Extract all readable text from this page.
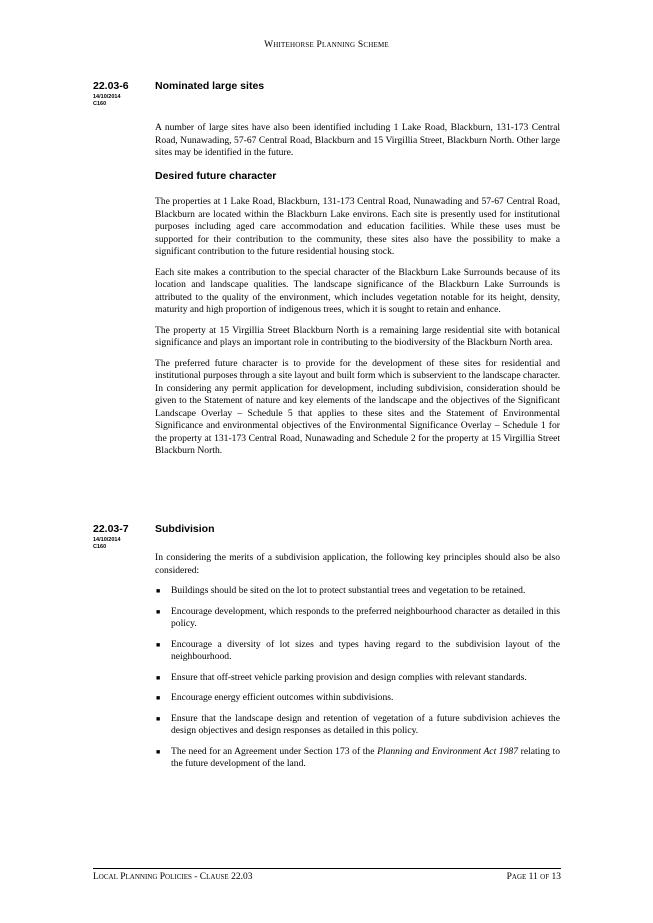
Whitehorse Planning Scheme
22.03-6
14/10/2014
C160
Nominated large sites

A number of large sites have also been identified including 1 Lake Road, Blackburn, 131-173 Central Road, Nunawading, 57-67 Central Road, Blackburn and 15 Virgillia Street, Blackburn North. Other large sites may be identified in the future.

Desired future character

The properties at 1 Lake Road, Blackburn, 131-173 Central Road, Nunawading and 57-67 Central Road, Blackburn are located within the Blackburn Lake environs. Each site is presently used for institutional purposes including aged care accommodation and education facilities. While these uses must be supported for their contribution to the community, these sites also have the possibility to make a significant contribution to the future residential housing stock.

Each site makes a contribution to the special character of the Blackburn Lake Surrounds because of its location and landscape qualities. The landscape significance of the Blackburn Lake Surrounds is attributed to the quality of the environment, which includes vegetation notable for its height, density, maturity and high proportion of indigenous trees, which it is sought to retain and enhance.

The property at 15 Virgillia Street Blackburn North is a remaining large residential site with botanical significance and plays an important role in contributing to the biodiversity of the Blackburn North area.

The preferred future character is to provide for the development of these sites for residential and institutional purposes through a site layout and built form which is subservient to the landscape character. In considering any permit application for development, including subdivision, consideration should be given to the Statement of nature and key elements of the landscape and the objectives of the Significant Landscape Overlay – Schedule 5 that applies to these sites and the Statement of Environmental Significance and environmental objectives of the Environmental Significance Overlay – Schedule 1 for the property at 131-173 Central Road, Nunawading and Schedule 2 for the property at 15 Virgillia Street Blackburn North.

22.03-7
14/10/2014
C160
Subdivision

In considering the merits of a subdivision application, the following key principles should also be also considered:

■ Buildings should be sited on the lot to protect substantial trees and vegetation to be retained.
■ Encourage development, which responds to the preferred neighbourhood character as detailed in this policy.
■ Encourage a diversity of lot sizes and types having regard to the subdivision layout of the neighbourhood.
■ Ensure that off-street vehicle parking provision and design complies with relevant standards.
■ Encourage energy efficient outcomes within subdivisions.
■ Ensure that the landscape design and retention of vegetation of a future subdivision achieves the design objectives and design responses as detailed in this policy.
■ The need for an Agreement under Section 173 of the Planning and Environment Act 1987 relating to the future development of the land.
Local Planning Policies - Clause 22.03	Page 11 of 13
